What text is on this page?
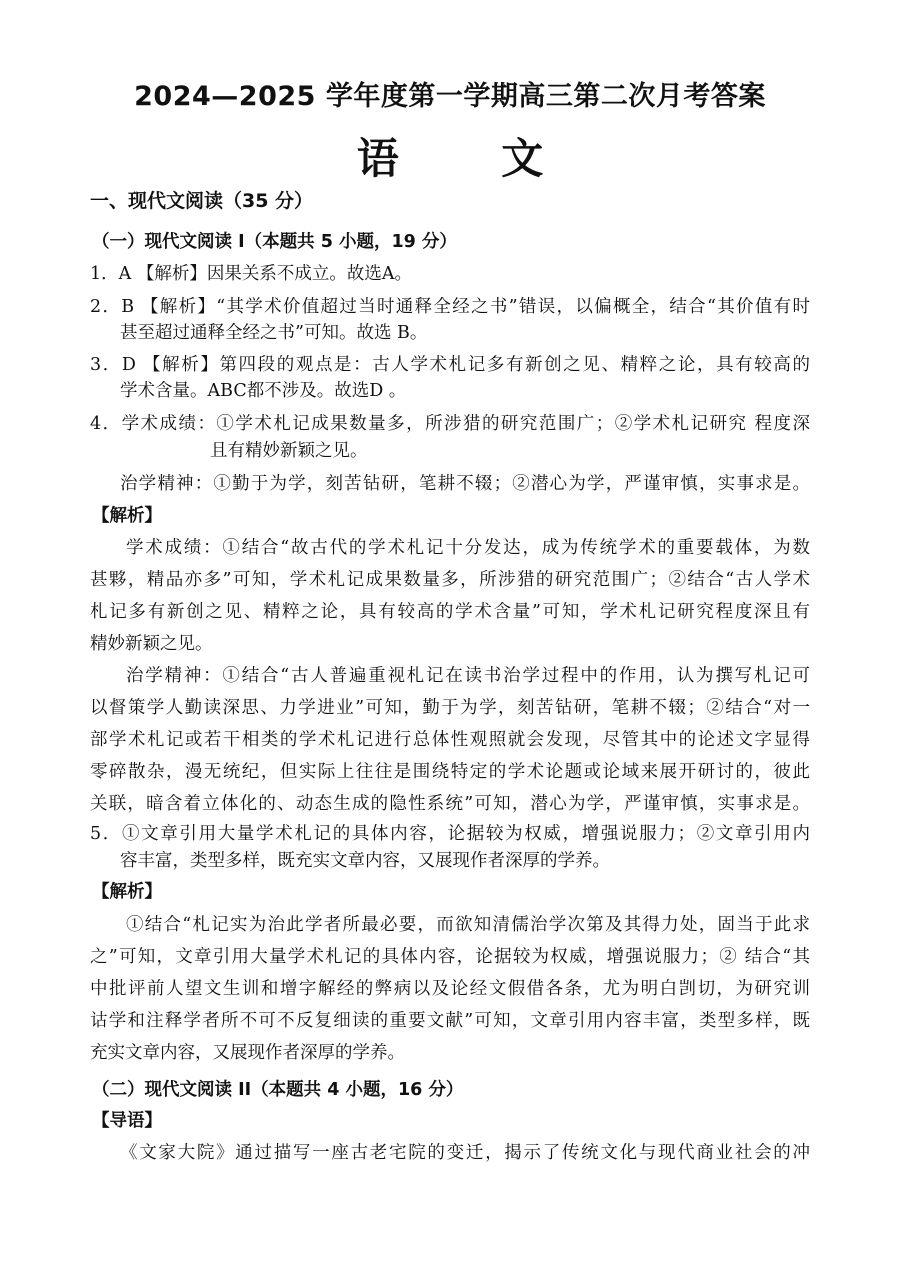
2024—2025 学年度第一学期高三第二次月考答案
语 文
一、现代文阅读（35 分）
（一）现代文阅读 I（本题共 5 小题，19 分）
1．A 【解析】因果关系不成立。故选A。
2．B 【解析】“其学术价值超过当时通释全经之书”错误，以偏概全，结合“其价值有时
甚至超过通释全经之书”可知。故选 B。
3．D 【解析】第四段的观点是：古人学术札记多有新创之见、精粹之论，具有较高的
学术含量。ABC都不涉及。故选D 。
4．学术成绩：①学术札记成果数量多，所涉猎的研究范围广；②学术札记研究 程度深
且有精妙新颖之见。
治学精神：①勤于为学，刻苦钻研，笔耕不辍；②潜心为学，严谨审慎，实事求是。
【解析】
学术成绩：①结合“故古代的学术札记十分发达，成为传统学术的重要载体，为数
甚夥，精品亦多”可知，学术札记成果数量多，所涉猎的研究范围广；②结合“古人学术
札记多有新创之见、精粹之论，具有较高的学术含量”可知，学术札记研究程度深且有
精妙新颖之见。
治学精神：①结合“古人普遍重视札记在读书治学过程中的作用，认为撰写札记可
以督策学人勤读深思、力学进业”可知，勤于为学，刻苦钻研，笔耕不辍；②结合“对一
部学术札记或若干相类的学术札记进行总体性观照就会发现，尽管其中的论述文字显得
零碎散杂，漫无统纪，但实际上往往是围绕特定的学术论题或论域来展开研讨的，彼此
关联，暗含着立体化的、动态生成的隐性系统”可知，潜心为学，严谨审慎，实事求是。
5．①文章引用大量学术札记的具体内容，论据较为权威，增强说服力；②文章引用内
容丰富，类型多样，既充实文章内容，又展现作者深厚的学养。
【解析】
①结合“札记实为治此学者所最必要，而欲知清儒治学次第及其得力处，固当于此求
之”可知，文章引用大量学术札记的具体内容，论据较为权威，增强说服力；② 结合“其
中批评前人望文生训和增字解经的弊病以及论经文假借各条，尤为明白剀切，为研究训
诂学和注释学者所不可不反复细读的重要文献”可知，文章引用内容丰富，类型多样，既
充实文章内容，又展现作者深厚的学养。
（二）现代文阅读 II（本题共 4 小题，16 分）
【导语】
《文家大院》通过描写一座古老宅院的变迁，揭示了传统文化与现代商业社会的冲
